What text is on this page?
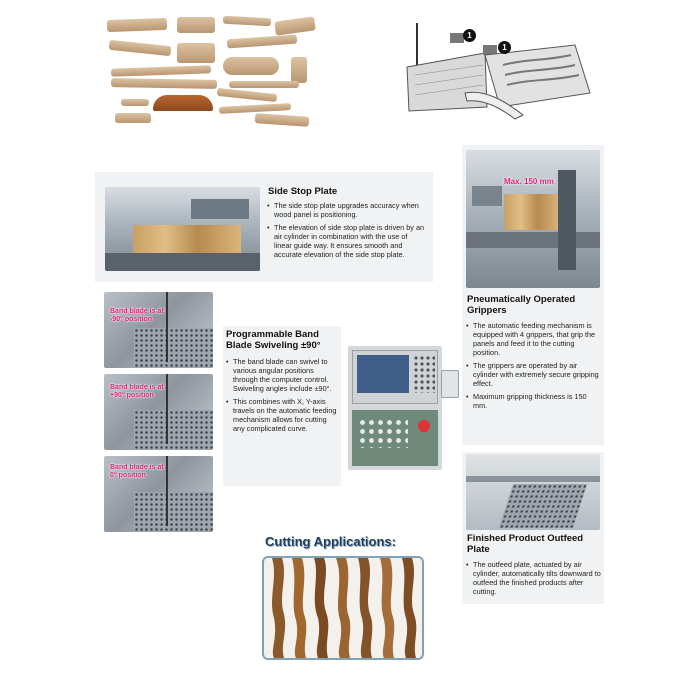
1
1
Side Stop Plate
• The side stop plate upgrades accuracy when wood panel is positioning.
• The elevation of side stop plate is driven by an air cylinder in combination with the use of linear guide way. It ensures smooth and accurate elevation of the side stop plate.
Max. 150 mm
Pneumatically Operated Grippers
• The automatic feeding mechanism is equipped with 4 grippers, that grip the panels and feed it to the cutting position.
• The grippers are operated by air cylinder with extremely secure gripping effect.
• Maximum gripping thickness is 150 mm.
Band blade is at -90° position
Band blade is at +90° position
Band blade is at 0° position
Programmable Band Blade Swiveling ±90°
• The band blade can swivel to various angular positions through the computer control. Swiveling angles include ±90°.
• This combines with X, Y-axis travels on the automatic feeding mechanism allows for cutting any complicated curve.
Finished Product Outfeed Plate
• The outfeed plate, actuated by air cylinder, automatically tilts downward to outfeed the finished products after cutting.
Cutting Applications:
